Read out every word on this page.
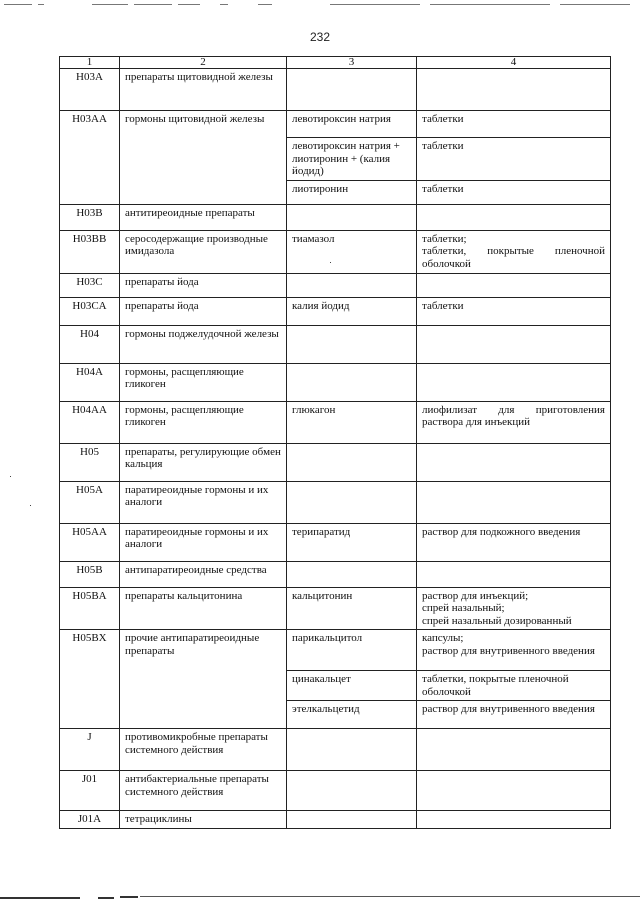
232
1	2	3	4
H03A	препараты щитовидной железы		
H03AA	гормоны щитовидной железы	левотироксин натрия	таблетки
		левотироксин натрия + лиотиронин + (калия йодид)	таблетки
		лиотиронин	таблетки
H03B	антитиреоидные препараты		
H03BB	серосодержащие производные имидазола	тиамазол	таблетки;
таблетки, покрытые пленочной оболочкой

H03C	препараты йода		
H03CA	препараты йода	калия йодид	таблетки
H04	гормоны поджелудочной железы		
H04A	гормоны, расщепляющие гликоген		
H04AA	гормоны, расщепляющие гликоген	глюкагон	лиофилизат для приготовления раствора для инъекций
H05	препараты, регулирующие обмен кальция		
H05A	паратиреоидные гормоны и их аналоги		
H05AA	паратиреоидные гормоны и их аналоги	терипаратид	раствор для подкожного введения
H05B	антипаратиреоидные средства		
H05BA	препараты кальцитонина	кальцитонин	раствор для инъекций;
спрей назальный;
спрей назальный дозированный

H05BX	прочие антипаратиреоидные препараты	парикальцитол	капсулы;
раствор для внутривенного введения

		цинакальцет	таблетки, покрытые пленочной оболочкой
		этелкальцетид	раствор для внутривенного введения
J	противомикробные препараты системного действия		
J01	антибактериальные препараты системного действия		
J01A	тетрациклины		
